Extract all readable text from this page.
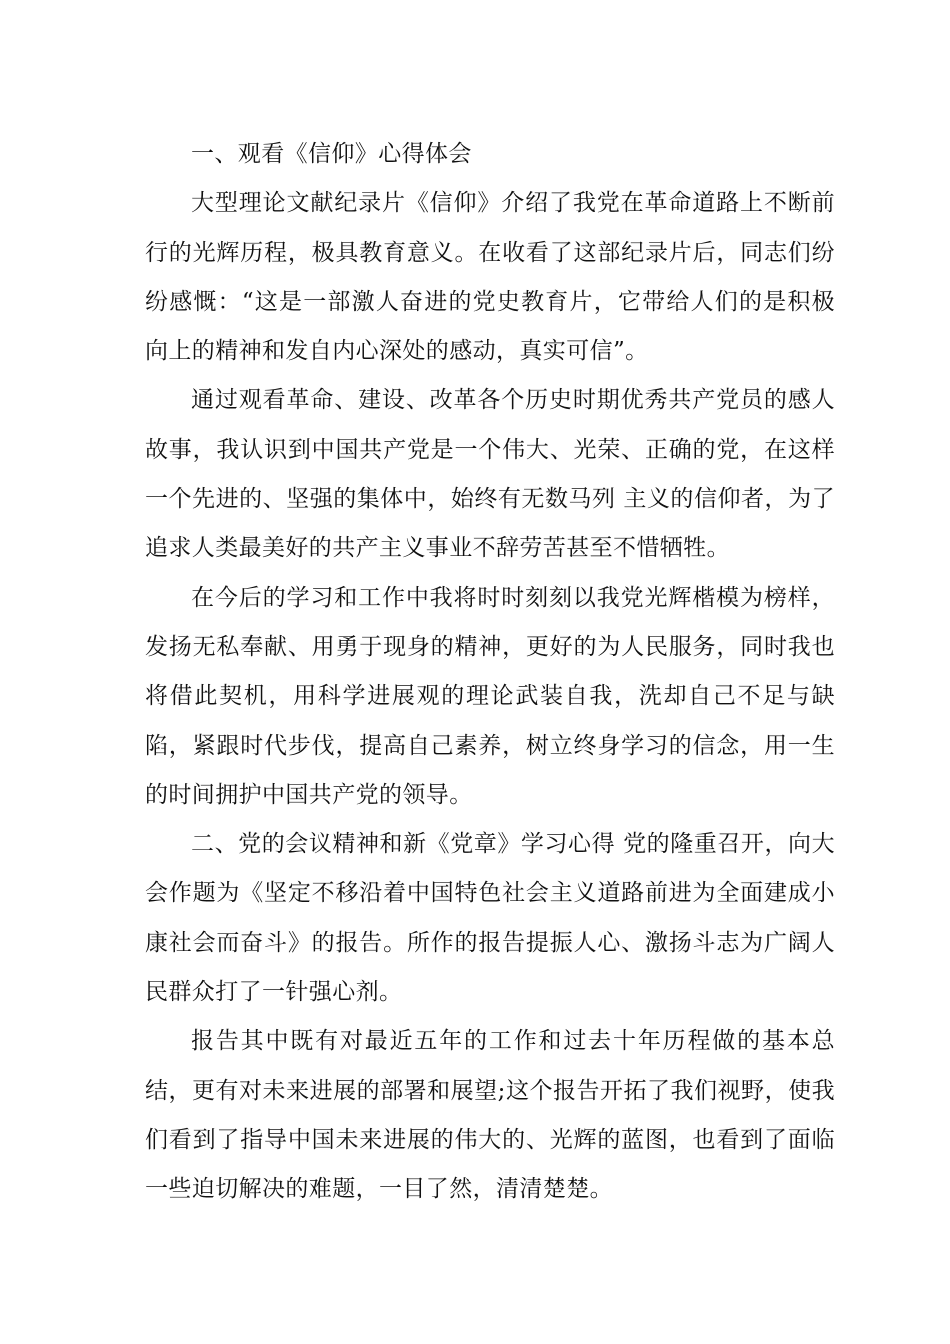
一、观看《信仰》心得体会

大型理论文献纪录片《信仰》介绍了我党在革命道路上不断前行的光辉历程，极具教育意义。在收看了这部纪录片后，同志们纷纷感慨：“这是一部激人奋进的党史教育片，它带给人们的是积极向上的精神和发自内心深处的感动，真实可信”。

通过观看革命、建设、改革各个历史时期优秀共产党员的感人故事，我认识到中国共产党是一个伟大、光荣、正确的党，在这样一个先进的、坚强的集体中，始终有无数马列 主义的信仰者，为了追求人类最美好的共产主义事业不辞劳苦甚至不惜牺牲。

在今后的学习和工作中我将时时刻刻以我党光辉楷模为榜样，发扬无私奉献、用勇于现身的精神，更好的为人民服务，同时我也将借此契机，用科学进展观的理论武装自我，洗却自己不足与缺陷，紧跟时代步伐，提高自己素养，树立终身学习的信念，用一生的时间拥护中国共产党的领导。

二、党的会议精神和新《党章》学习心得 党的隆重召开，向大会作题为《坚定不移沿着中国特色社会主义道路前进为全面建成小康社会而奋斗》的报告。所作的报告提振人心、激扬斗志为广阔人民群众打了一针强心剂。

报告其中既有对最近五年的工作和过去十年历程做的基本总结，更有对未来进展的部署和展望;这个报告开拓了我们视野，使我们看到了指导中国未来进展的伟大的、光辉的蓝图，也看到了面临一些迫切解决的难题，一目了然，清清楚楚。
